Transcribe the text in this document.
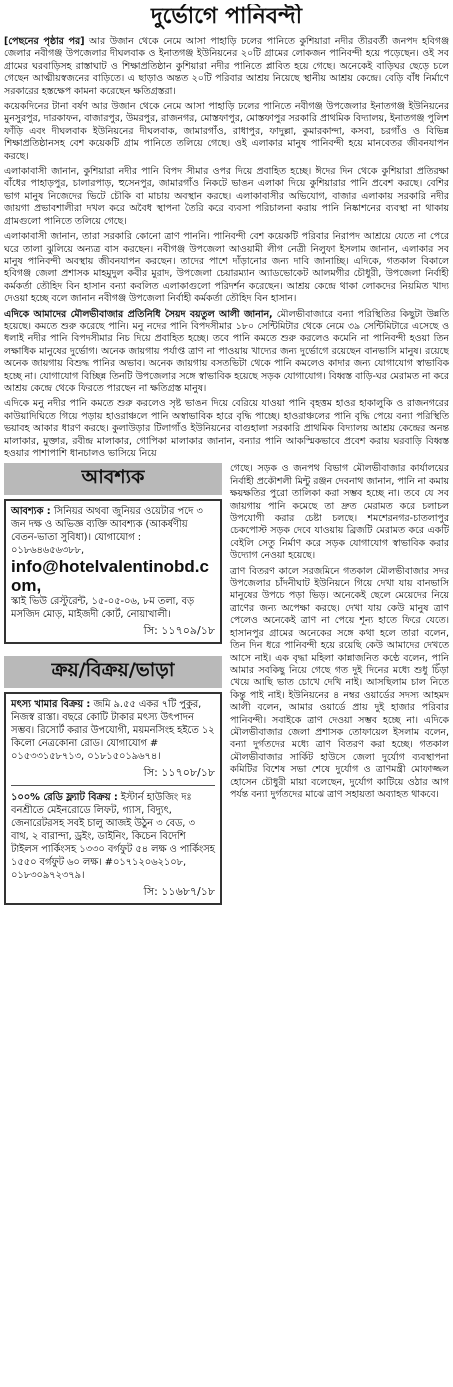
দুর্ভোগে পানিবন্দী

[পেছনের পৃষ্ঠার পর] আর উজান থেকে নেমে আসা পাহাড়ি ঢলের পানিতে কুশিয়ারা নদীর তীরবর্তী জনপদ হবিগঞ্জ জেলার নবীগঞ্জ উপজেলার দীঘলবাক ও ইনাতগঞ্জ ইউনিয়নের ২০টি গ্রামের লোকজন পানিবন্দী হয়ে পড়েছেন। ওই সব গ্রামের ঘরবাড়িসহ রাস্তাঘাট ও শিক্ষাপ্রতিষ্ঠান কুশিয়ারা নদীর পানিতে প্লাবিত হয়ে গেছে। অনেকেই বাড়িঘর ছেড়ে চলে গেছেন আত্মীয়স্বজনের বাড়িতে। এ ছাড়াও অন্তত ২০টি পরিবার আশ্রয় নিয়েছে স্থানীয় আশ্রয় কেন্দ্রে। বেড়ি বাঁধ নির্মাণে সরকারের হস্তক্ষেপ কামনা করেছেন ক্ষতিগ্রস্তরা।

কয়েকদিনের টানা বর্ষণ আর উজান থেকে নেমে আসা পাহাড়ি ঢলের পানিতে নবীগঞ্জ উপজেলার ইনাতগঞ্জ ইউনিয়নের মুনসুরপুর, দারকাফন, বাজারপুর, উমরপুর, রাজনগর, মোস্তফাপুর, মোস্তফাপুর সরকারি প্রাথমিক বিদ্যালয়, ইনাতগঞ্জ পুলিশ ফাঁড়ি এবং দীঘলবাক ইউনিয়নের দীঘলবাক, জামারগাঁও, রাধাপুর, ফাদুল্লা, কুমারকান্দা, কসবা, চরগাঁও ও বিভিন্ন শিক্ষাপ্রতিষ্ঠানসহ বেশ কয়েকটি গ্রাম পানিতে তলিয়ে গেছে। ওই এলাকার মানুষ পানিবন্দী হয়ে মানবেতর জীবনযাপন করছে।

এলাকাবাসী জানান, কুশিয়ারা নদীর পানি বিপদ সীমার ওপর দিয়ে প্রবাহিত হচ্ছে। ঈদের দিন থেকে কুশিয়ারা প্রতিরক্ষা বাঁধের পাহাড়পুর, চালারপাড়, হুসেনপুর, জামারগাঁও নিকটে ভাঙন এলাকা দিয়ে কুশিয়ারার পানি প্রবেশ করছে। বেশির ভাগ মানুষ নিজেদের ভিটে চৌকি বা মাচায় অবস্থান করছে। এলাকাবাসীর অভিযোগ, বাজার এলাকায় সরকারি নদীর জায়গা প্রভাবশালীরা দখল করে অবৈধ স্থাপনা তৈরি করে ব্যবসা পরিচালনা করায় পানি নিষ্কাশনের ব্যবস্থা না থাকায় গ্রামগুলো পানিতে তলিয়ে গেছে।

এলাকাবাসী জানান, তারা সরকারি কোনো ত্রাণ পাননি। পানিবন্দী বেশ কয়েকটি পরিবার নিরাপদ আশ্রয়ে যেতে না পেরে ঘরে তালা ঝুলিয়ে অন্যত্র বাস করছেন। নবীগঞ্জ উপজেলা আওয়ামী লীগ নেত্রী নিলুফা ইসলাম জানান, এলাকার সব মানুষ পানিবন্দী অবস্থায় জীবনযাপন করছেন। তাদের পাশে দাঁড়ানোর জন্য দাবি জানাচ্ছি। এদিকে, গতকাল বিকালে হবিগঞ্জ জেলা প্রশাসক মাহমুদুল কবীর মুরাদ, উপজেলা চেয়ারম্যান অ্যাডভোকেট আলমগীর চৌধুরী, উপজেলা নির্বাহী কর্মকর্তা তৌহিদ বিন হাসান বন্যা কবলিত এলাকাগুলো পরিদর্শন করেছেন। আশ্রয় কেন্দ্রে থাকা লোকদের নিয়মিত খাদ্য দেওয়া হচ্ছে বলে জানান নবীগঞ্জ উপজেলা নির্বাহী কর্মকর্তা তৌহিদ বিন হাসান।

এদিকে আমাদের মৌলভীবাজার প্রতিনিধি সৈয়দ বয়তুল আলী জানান, মৌলভীবাজারে বন্যা পরিস্থিতির কিছুটা উন্নতি হয়েছে। কমতে শুরু করেছে পানি। মনু নদের পানি বিপদসীমার ১৮০ সেন্টিমিটার থেকে নেমে ৩৯ সেন্টিমিটারে এসেছে ও ধলাই নদীর পানি বিপদসীমার নিচ দিয়ে প্রবাহিত হচ্ছে। তবে পানি কমতে শুরু করলেও কমেনি না পানিবন্দী হওয়া তিন লক্ষাধিক মানুষের দুর্ভোগ। অনেক জায়গায় পর্যাপ্ত ত্রাণ না পাওয়ায় খাদ্যের জন্য দুর্ভোগে রয়েছেন বানভাসি মানুষ। রয়েছে অনেক জায়গায় বিশুদ্ধ পানির অভাব। অনেক জায়গায় বসতভিটা থেকে পানি কমলেও কাদার জন্য যোগাযোগ স্বাভাবিক হচ্ছে না। যোগাযোগ বিচ্ছিন্ন তিনটি উপজেলার সঙ্গে স্বাভাবিক হয়েছে সড়ক যোগাযোগ। বিধ্বস্ত বাড়ি-ঘর মেরামত না করে আশ্রয় কেন্দ্রে থেকে ফিরতে পারছেন না ক্ষতিগ্রস্ত মানুষ।

এদিকে মনু নদীর পানি কমতে শুরু করলেও সৃষ্ট ভাঙন দিয়ে বেরিয়ে যাওয়া পানি বৃহত্তম হাওর হাকালুকি ও রাজনগরের কাউয়াদিঘিতে গিয়ে পড়ায় হাওরাঞ্চলে পানি অস্বাভাবিক হারে বৃদ্ধি পাচ্ছে। হাওরাঞ্চলের পানি বৃদ্ধি পেয়ে বন্যা পরিস্থিতি ভয়াবহ আকার ধারণ করছে। কুলাউড়ার টিলাগাঁও ইউনিয়নের বাগুহালা সরকারি প্রাথমিক বিদ্যালয় আশ্রয় কেন্দ্রের অনন্ত মালাকার, মুক্তার, রবীন্দ্র মালাকার, গোপিকা মালাকার জানান, বন্যার পানি আকস্মিকভাবে প্রবেশ করায় ঘরবাড়ি বিধ্বস্ত হওয়ার পাশাপাশি ধানচালও ভাসিয়ে নিয়ে

আবশ্যক
আবশ্যক : সিনিয়র অথবা জুনিয়র ওয়েটার পদে ৩ জন দক্ষ ও অভিজ্ঞ ব্যক্তি আবশ্যক (আকর্ষণীয় বেতন-ভাতা সুবিধা)। যোগাযোগ : ০১৮৬৪৬৫৬৩৮৮,
info@hotelvalentinobd.com,
স্কাই ভিউ রেস্টুরেন্ট, ১৫-০৫-০৬, ৮ম তলা, বড় মসজিদ মোড়, মাইজদী কোর্ট, নোয়াখালী।
সি: ১১৭০৯/১৮
ক্রয়/বিক্রয়/ভাড়া
মৎস্য খামার বিক্রয় : জমি ৯.৫৫ একর ৭টি পুকুর, নিজস্ব রাস্তা। বছরে কোটি টাকার মৎস্য উৎপাদন সম্ভব। রিসোর্ট করার উপযোগী, ময়মনসিংহ হইতে ১২ কিলো নেত্রকোনা রোড। যোগাযোগ # ০১৫৩৩১৫৮৭১৩, ০১৮১৫০১৯৬৭৪।
সি: ১১৭০৮/১৮
১০০% রেডি ফ্ল্যাট বিক্রয় : ইস্টার্ন হাউজিং দঃ বনশ্রীতে মেইনরোডে লিফট, গ্যাস, বিদ্যুৎ, জেনারেটরসহ সবই চালু আজই উঠুন ৩ বেড, ৩ বাথ, ২ বারান্দা, ড্রইং, ডাইনিং, কিচেন বিদেশি টাইলস পার্কিংসহ ১৩৩০ বর্গফুট ৫৪ লক্ষ ও পার্কিংসহ ১৫৫০ বর্গফুট ৬০ লক্ষ। #০১৭১২০৬২১০৮, ০১৮৩০৯৭২৩৭৯।
সি: ১১৬৮৭/১৮

গেছে। সড়ক ও জনপথ বিভাগ মৌলভীবাজার কার্যালয়ের নির্বাহী প্রকৌশলী মিন্টু রঞ্জন দেবনাথ জানান, পানি না কমায় ক্ষয়ক্ষতির পুরো তালিকা করা সম্ভব হচ্ছে না। তবে যে সব জায়গায় পানি কমেছে তা দ্রুত মেরামত করে চলাচল উপযোগী করার চেষ্টা চলছে। শমশেরনগর-চাতলাপুর চেকপোস্ট সড়ক দেবে যাওয়ায় ব্রিজটি মেরামত করে একটি বেইলি সেতু নির্মাণ করে সড়ক যোগাযোগ স্বাভাবিক করার উদ্যোগ নেওয়া হয়েছে।

ত্রাণ বিতরণ কালে সরজমিনে গতকাল মৌলভীবাজার সদর উপজেলার চাঁদনীঘাট ইউনিয়নে গিয়ে দেখা যায় বানভাসি মানুষের উপচে পড়া ভিড়। অনেকেই ছেলে মেয়েদের নিয়ে ত্রাণের জন্য অপেক্ষা করছে। দেখা যায় কেউ মানুষ ত্রাণ পেলেও অনেকেই ত্রাণ না পেয়ে শূন্য হাতে ফিরে যেতে। হাসানপুর গ্রামের অনেকের সঙ্গে কথা হলে তারা বলেন, তিন দিন ধরে পানিবন্দী হয়ে রয়েছি কেউ আমাদের দেখতে আসে নাই। এক বৃদ্ধা মহিলা কান্নাজনিত কণ্ঠে বলেন, পানি আমার সবকিছু নিয়ে গেছে গত দুই দিনের মধ্যে শুধু চিঁড়া খেয়ে আছি ভাত চোখে দেখি নাই। আসছিলাম চাল নিতে কিন্তু পাই নাই। ইউনিয়নের ৪ নম্বর ওয়ার্ডের সদস্য আহমদ আলী বলেন, আমার ওয়ার্ডে প্রায় দুই হাজার পরিবার পানিবন্দী। সবাইকে ত্রাণ দেওয়া সম্ভব হচ্ছে না। এদিকে মৌলভীবাজার জেলা প্রশাসক তোফায়েল ইসলাম বলেন, বন্যা দুর্গতদের মধ্যে ত্রাণ বিতরণ করা হচ্ছে। গতকাল মৌলভীবাজার সার্কিট হাউসে জেলা দুর্যোগ ব্যবস্থাপনা কমিটির বিশেষ সভা শেষে দুর্যোগ ও ত্রাণমন্ত্রী মোফাজ্জল হোসেন চৌধুরী মায়া বলেছেন, দুর্যোগ কাটিয়ে ওঠার আগ পর্যন্ত বন্যা দুর্গতদের মাঝে ত্রাণ সহায়তা অব্যাহত থাকবে।
